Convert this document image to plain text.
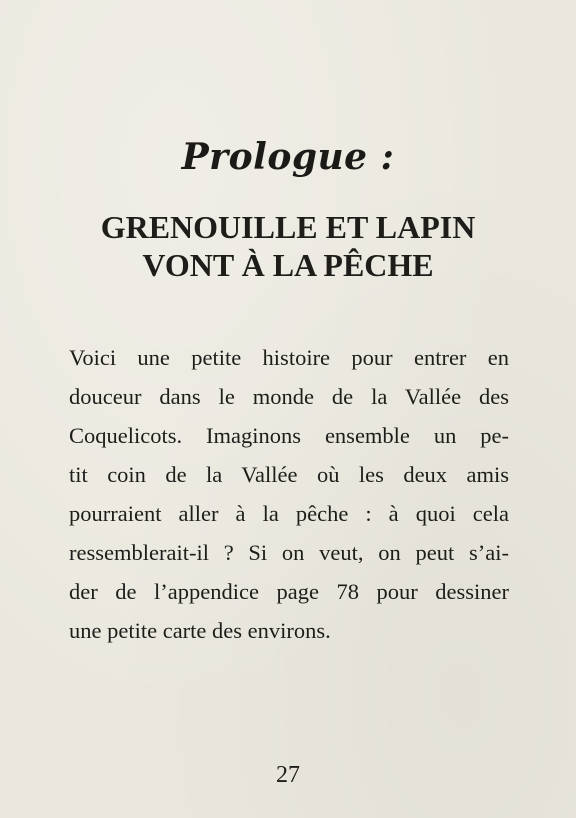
Prologue :
GRENOUILLE ET LAPIN
VONT À LA PÊCHE
Voici une petite histoire pour entrer en
douceur dans le monde de la Vallée des
Coquelicots. Imaginons ensemble un pe-
tit coin de la Vallée où les deux amis
pourraient aller à la pêche : à quoi cela
ressemblerait-il ? Si on veut, on peut s’ai-
der de l’appendice page 78 pour dessiner
une petite carte des environs.
27
